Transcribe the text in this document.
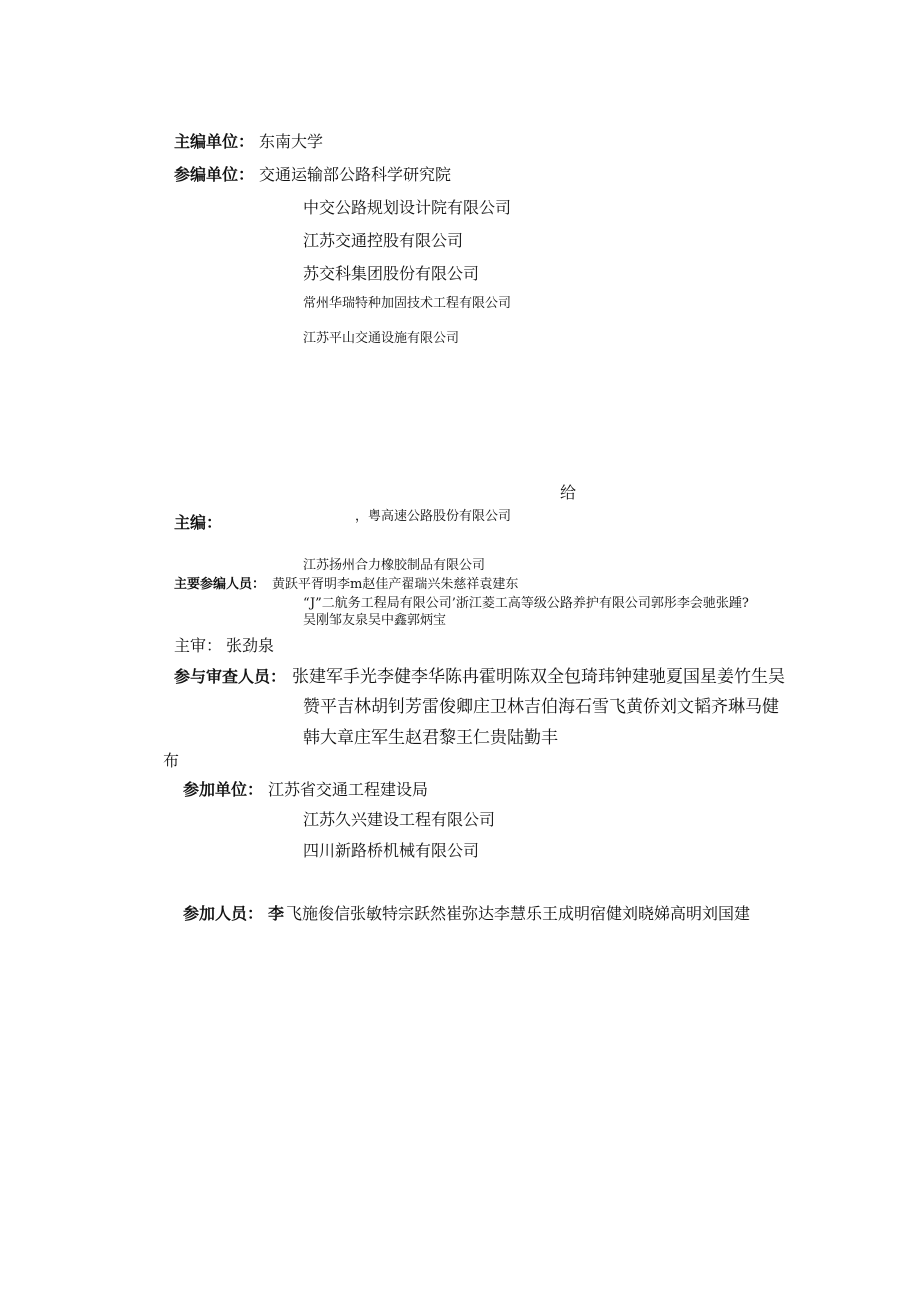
主编单位： 东南大学
参编单位： 交通运输部公路科学研究院
中交公路规划设计院有限公司
江苏交通控股有限公司
苏交科集团股份有限公司
常州华瑞特种加固技术工程有限公司
江苏平山交通设施有限公司
给
主编：	，粤高速公路股份有限公司
江苏扬州合力橡胶制品有限公司
主要参编人员： 黄跃平胥明李m赵佳产翟瑞兴朱慈祥袁建东
“J”二航务工程局有限公司’浙江菱工高等级公路养护有限公司郭彤李会驰张踵?
吴刚邹友泉吴中鑫郭炳宝
主审： 张劲泉
参与审查人员： 张建军手光李健李华陈冉霍明陈双全包琦玮钟建驰夏国星姜竹生吴
赞平吉林胡钊芳雷俊卿庄卫林吉伯海石雪飞黄侨刘文韬齐琳马健
韩大章庄军生赵君黎王仁贵陆勤丰
布
参加单位： 江苏省交通工程建设局
江苏久兴建设工程有限公司
四川新路桥机械有限公司
参加人员： 李 飞施俊信张敏特宗跃然崔弥达李慧乐王成明宿健刘晓娣高明刘国建
